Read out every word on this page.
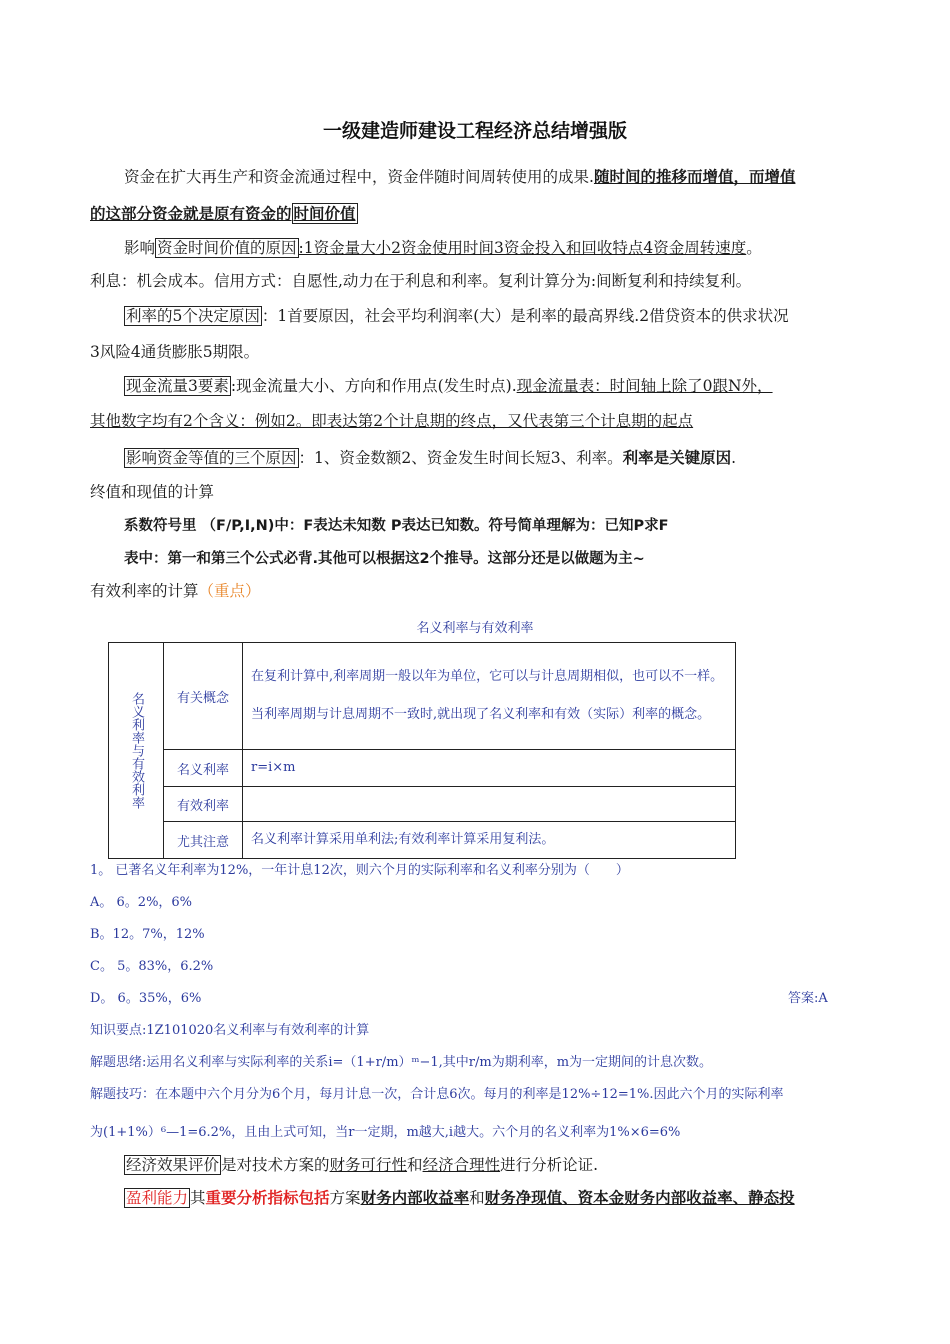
一级建造师建设工程经济总结增强版
资金在扩大再生产和资金流通过程中，资金伴随时间周转使用的成果.随时间的推移而增值，而增值
的这部分资金就是原有资金的 时间价值
影响 资金时间价值的原因 :1资金量大小2资金使用时间3资金投入和回收特点4资金周转速度。
利息：机会成本。信用方式：自愿性,动力在于利息和利率。复利计算分为:间断复利和持续复利。
利率的5个决定原因 ：1首要原因，社会平均利润率(大）是利率的最高界线.2借贷资本的供求状况
3风险4通货膨胀5期限。
现金流量3要素 :现金流量大小、方向和作用点(发生时点).现金流量表：时间轴上除了0跟N外，
其他数字均有2个含义：例如2。即表达第2个计息期的终点，又代表第三个计息期的起点
影响资金等值的三个原因 ：1、资金数额2、资金发生时间长短3、利率。利率是关键原因.
终值和现值的计算
系数符号里 （F/P,I,N)中：F表达未知数 P表达已知数。符号简单理解为：已知P求F
表中：第一和第三个公式必背.其他可以根据这2个推导。这部分还是以做题为主~
有效利率的计算（重点）
名义利率与有效利率
名义利率与有效利率	有关概念	在复利计算中,利率周期一般以年为单位，它可以与计息周期相似，也可以不一样。当利率周期与计息周期不一致时,就出现了名义利率和有效（实际）利率的概念。
	名义利率	r=i×m
	有效利率	
	尤其注意	名义利率计算采用单利法;有效利率计算采用复利法。
1。 已著名义年利率为12%，一年计息12次，则六个月的实际利率和名义利率分别为（　　）
A。 6。2%，6%
B。12。7%，12%
C。 5。83%，6.2%
D。 6。35%，6%	答案:A
知识要点:1Z101020名义利率与有效利率的计算
解题思绪:运用名义利率与实际利率的关系i=（1+r/m）ᵐ−1,其中r/m为期利率，m为一定期间的计息次数。
解题技巧：在本题中六个月分为6个月，每月计息一次，合计息6次。每月的利率是12%÷12=1%.因此六个月的实际利率
为(1+1%）⁶—1=6.2%，且由上式可知，当r一定期，m越大,i越大。六个月的名义利率为1%×6=6%
经济效果评价 是对技术方案的财务可行性和经济合理性进行分析论证.
盈利能力 其重要分析指标包括方案财务内部收益率和财务净现值、资本金财务内部收益率、静态投
